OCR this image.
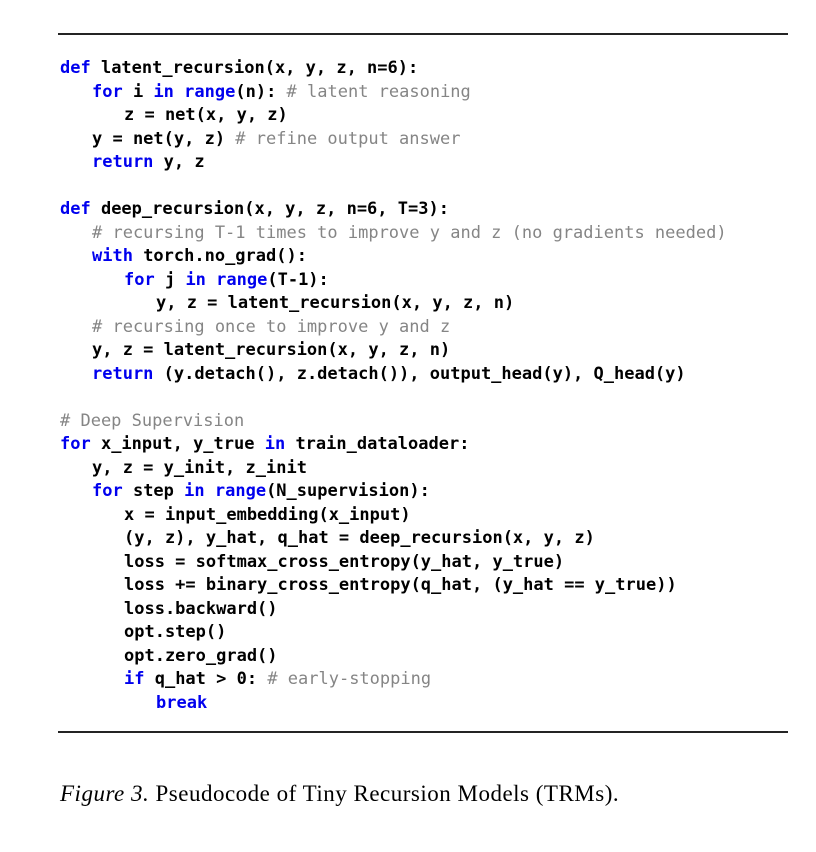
def latent_recursion(x, y, z, n=6):
for i in range(n): # latent reasoning
z = net(x, y, z)
y = net(y, z) # refine output answer
return y, z
def deep_recursion(x, y, z, n=6, T=3):
# recursing T-1 times to improve y and z (no gradients needed)
with torch.no_grad():
for j in range(T-1):
y, z = latent_recursion(x, y, z, n)
# recursing once to improve y and z
y, z = latent_recursion(x, y, z, n)
return (y.detach(), z.detach()), output_head(y), Q_head(y)
# Deep Supervision
for x_input, y_true in train_dataloader:
y, z = y_init, z_init
for step in range(N_supervision):
x = input_embedding(x_input)
(y, z), y_hat, q_hat = deep_recursion(x, y, z)
loss = softmax_cross_entropy(y_hat, y_true)
loss += binary_cross_entropy(q_hat, (y_hat == y_true))
loss.backward()
opt.step()
opt.zero_grad()
if q_hat > 0: # early-stopping
break
Figure 3. Pseudocode of Tiny Recursion Models (TRMs).
